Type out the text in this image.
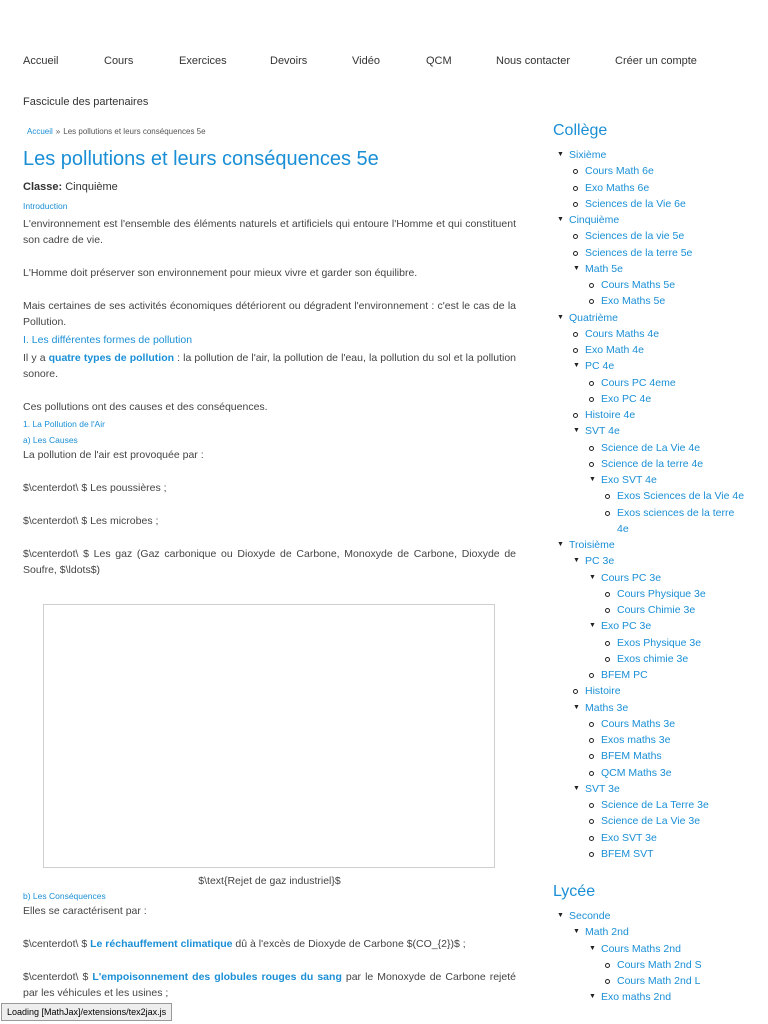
Accueil	Cours	Exercices	Devoirs	Vidéo	QCM	Nous contacter	Créer un compte
Fascicule des partenaires
Accueil » Les pollutions et leurs conséquences 5e
Les pollutions et leurs conséquences 5e
Classe: Cinquième
Introduction

L'environnement est l'ensemble des éléments naturels et artificiels qui entoure l'Homme et qui constituent son cadre de vie.

L'Homme doit préserver son environnement pour mieux vivre et garder son équilibre.

Mais certaines de ses activités économiques détériorent ou dégradent l'environnement : c'est le cas de la Pollution.

I. Les différentes formes de pollution

Il y a quatre types de pollution : la pollution de l'air, la pollution de l'eau, la pollution du sol et la pollution sonore.

Ces pollutions ont des causes et des conséquences.

1. La Pollution de l'Air
a) Les Causes

La pollution de l'air est provoquée par :

$\centerdot\ $ Les poussières ;

$\centerdot\ $ Les microbes ;

$\centerdot\ $ Les gaz (Gaz carbonique ou Dioxyde de Carbone, Monoxyde de Carbone, Dioxyde de Soufre, $\ldots$)

$\text{Rejet de gaz industriel}$
b) Les Conséquences

Elles se caractérisent par :

$\centerdot\ $ Le réchauffement climatique dû à l'excès de Dioxyde de Carbone $(CO_{2})$ ;

$\centerdot\ $ L'empoisonnement des globules rouges du sang par le Monoxyde de Carbone rejeté par les véhicules et les usines ;

Collège
▼ Sixième
Cours Math 6e
Exo Maths 6e
Sciences de la Vie 6e
▼ Cinquième
Sciences de la vie 5e
Sciences de la terre 5e
▼ Math 5e
Cours Maths 5e
Exo Maths 5e
▼ Quatrième
Cours Maths 4e
Exo Math 4e
▼ PC 4e
Cours PC 4eme
Exo PC 4e
Histoire 4e
▼ SVT 4e
Science de La Vie 4e
Science de la terre 4e
▼ Exo SVT 4e
Exos Sciences de la Vie 4e
Exos sciences de la terre 4e
▼ Troisième
▼ PC 3e
▼ Cours PC 3e
Cours Physique 3e
Cours Chimie 3e
▼ Exo PC 3e
Exos Physique 3e
Exos chimie 3e
BFEM PC
Histoire
▼ Maths 3e
Cours Maths 3e
Exos maths 3e
BFEM Maths
QCM Maths 3e
▼ SVT 3e
Science de La Terre 3e
Science de La Vie 3e
Exo SVT 3e
BFEM SVT
Lycée
▼ Seconde
▼ Math 2nd
▼ Cours Maths 2nd
Cours Math 2nd S
Cours Math 2nd L
▼ Exo maths 2nd
Loading [MathJax]/extensions/tex2jax.js
